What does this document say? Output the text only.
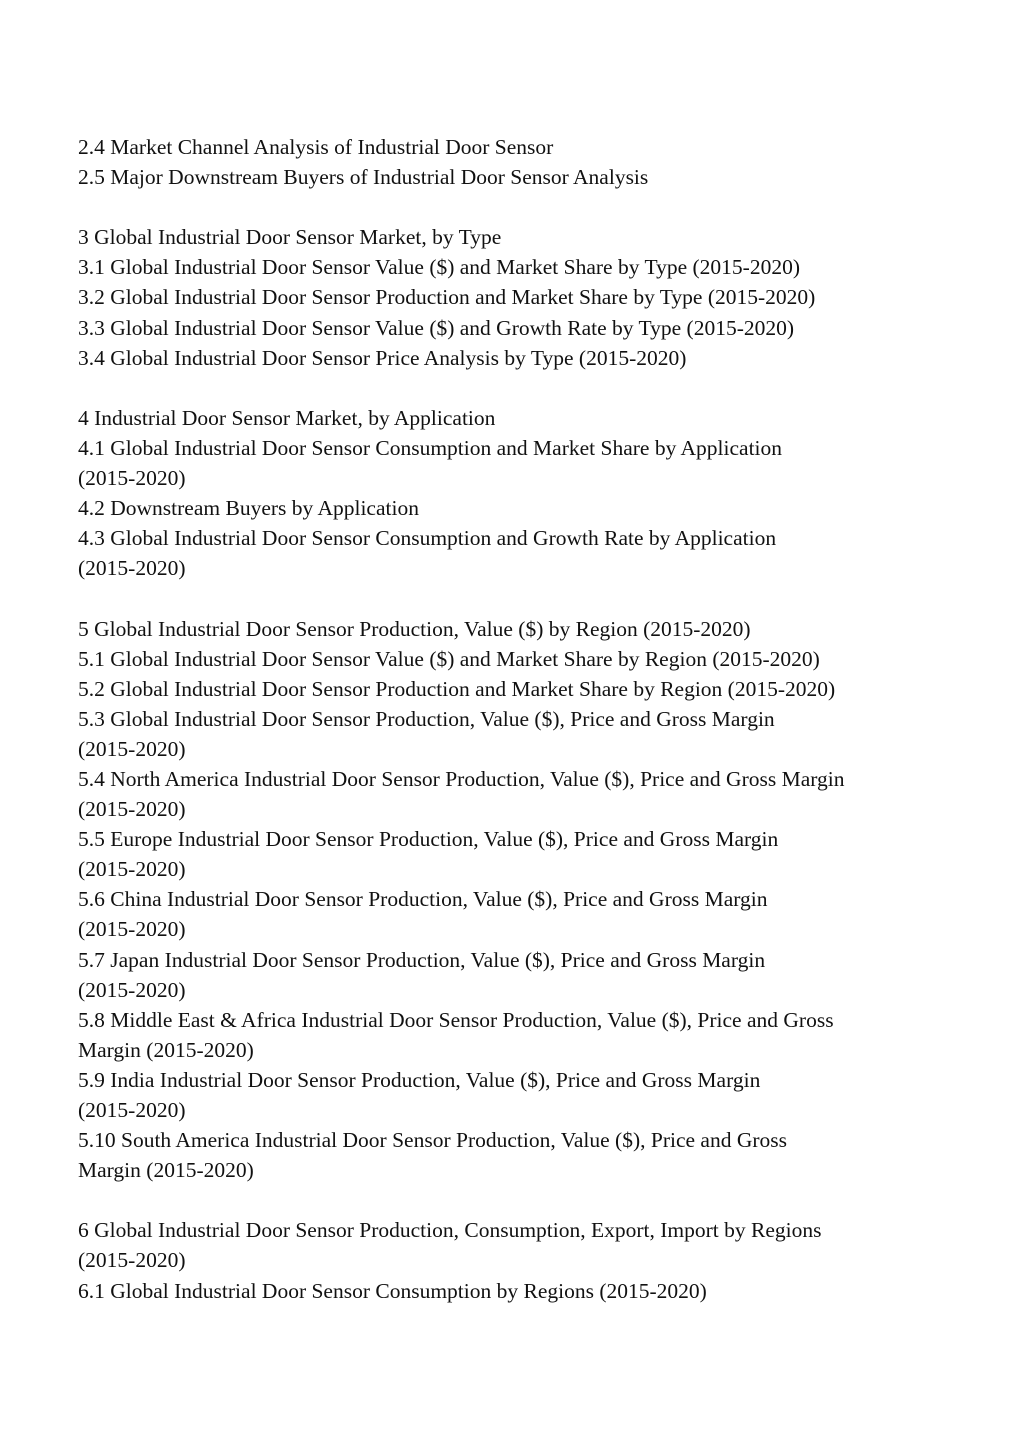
2.4 Market Channel Analysis of Industrial Door Sensor
2.5 Major Downstream Buyers of Industrial Door Sensor Analysis
3 Global Industrial Door Sensor Market, by Type
3.1 Global Industrial Door Sensor Value ($) and Market Share by Type (2015-2020)
3.2 Global Industrial Door Sensor Production and Market Share by Type (2015-2020)
3.3 Global Industrial Door Sensor Value ($) and Growth Rate by Type (2015-2020)
3.4 Global Industrial Door Sensor Price Analysis by Type (2015-2020)
4 Industrial Door Sensor Market, by Application
4.1 Global Industrial Door Sensor Consumption and Market Share by Application
(2015-2020)
4.2 Downstream Buyers by Application
4.3 Global Industrial Door Sensor Consumption and Growth Rate by Application
(2015-2020)
5 Global Industrial Door Sensor Production, Value ($) by Region (2015-2020)
5.1 Global Industrial Door Sensor Value ($) and Market Share by Region (2015-2020)
5.2 Global Industrial Door Sensor Production and Market Share by Region (2015-2020)
5.3 Global Industrial Door Sensor Production, Value ($), Price and Gross Margin
(2015-2020)
5.4 North America Industrial Door Sensor Production, Value ($), Price and Gross Margin
(2015-2020)
5.5 Europe Industrial Door Sensor Production, Value ($), Price and Gross Margin
(2015-2020)
5.6 China Industrial Door Sensor Production, Value ($), Price and Gross Margin
(2015-2020)
5.7 Japan Industrial Door Sensor Production, Value ($), Price and Gross Margin
(2015-2020)
5.8 Middle East & Africa Industrial Door Sensor Production, Value ($), Price and Gross
Margin (2015-2020)
5.9 India Industrial Door Sensor Production, Value ($), Price and Gross Margin
(2015-2020)
5.10 South America Industrial Door Sensor Production, Value ($), Price and Gross
Margin (2015-2020)
6 Global Industrial Door Sensor Production, Consumption, Export, Import by Regions
(2015-2020)
6.1 Global Industrial Door Sensor Consumption by Regions (2015-2020)
